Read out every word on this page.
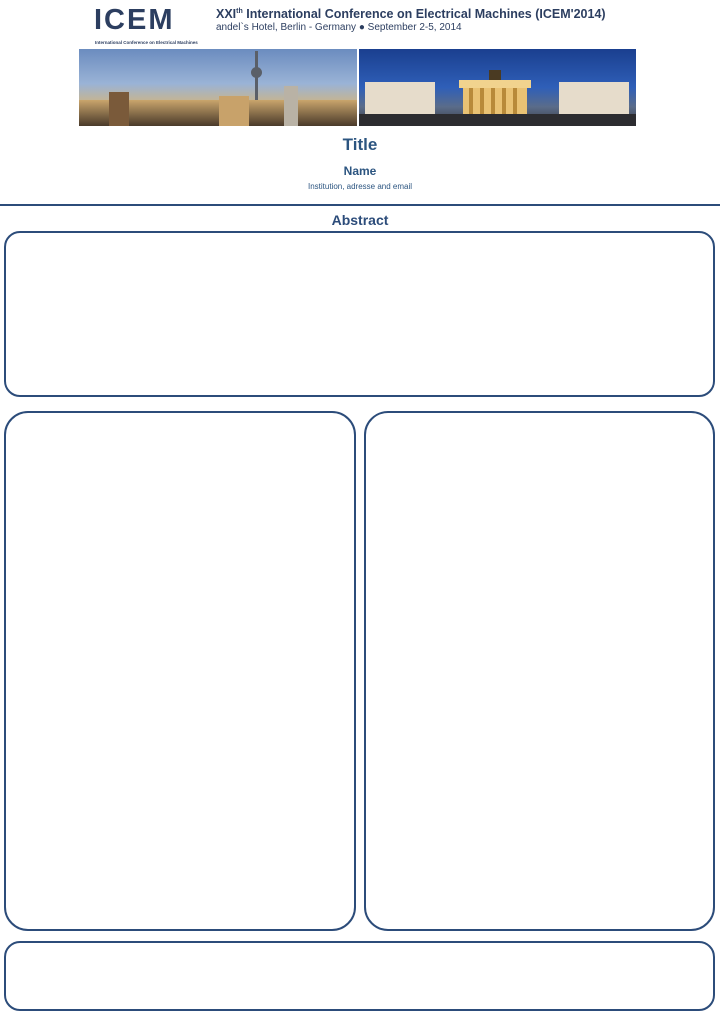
ICEM
International Conference on Electrical Machines
XXIth International Conference on Electrical Machines (ICEM'2014)
andel`s Hotel, Berlin - Germany ● September 2-5, 2014
Title
Name
Institution, adresse and email
Abstract
